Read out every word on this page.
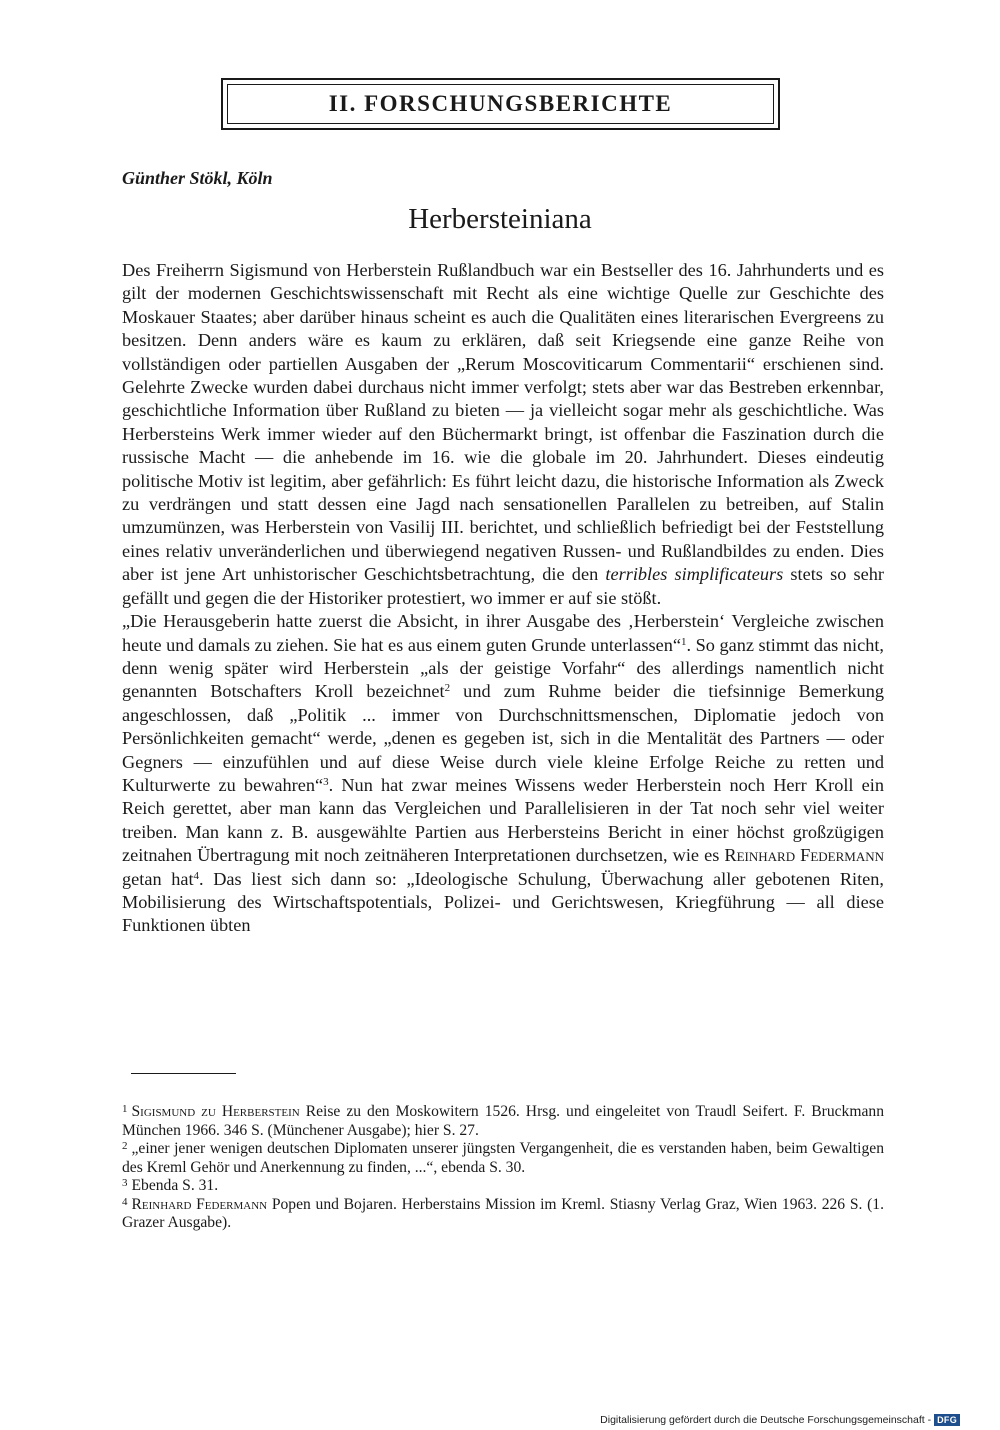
II. FORSCHUNGSBERICHTE
Günther Stökl, Köln
Herbersteiniana

Des Freiherrn Sigismund von Herberstein Rußlandbuch war ein Bestseller des 16. Jahrhunderts und es gilt der modernen Geschichtswissenschaft mit Recht als eine wichtige Quelle zur Geschichte des Moskauer Staates; aber darüber hinaus scheint es auch die Qualitäten eines literarischen Evergreens zu besitzen. Denn anders wäre es kaum zu erklären, daß seit Kriegsende eine ganze Reihe von vollständigen oder partiellen Ausgaben der „Rerum Moscoviticarum Commentarii“ erschienen sind. Gelehrte Zwecke wurden dabei durchaus nicht immer verfolgt; stets aber war das Bestreben erkennbar, geschichtliche Information über Rußland zu bieten — ja vielleicht sogar mehr als geschichtliche. Was Herbersteins Werk immer wieder auf den Büchermarkt bringt, ist offenbar die Faszination durch die russische Macht — die anhebende im 16. wie die globale im 20. Jahrhundert. Dieses eindeutig politische Motiv ist legitim, aber gefährlich: Es führt leicht dazu, die historische Information als Zweck zu verdrängen und statt dessen eine Jagd nach sensationellen Parallelen zu betreiben, auf Stalin umzumünzen, was Herberstein von Vasilij III. berichtet, und schließlich befriedigt bei der Feststellung eines relativ unveränderlichen und überwiegend negativen Russen- und Rußlandbildes zu enden. Dies aber ist jene Art unhistorischer Geschichtsbetrachtung, die den terribles simplificateurs stets so sehr gefällt und gegen die der Historiker protestiert, wo immer er auf sie stößt.

„Die Herausgeberin hatte zuerst die Absicht, in ihrer Ausgabe des ‚Herberstein‘ Vergleiche zwischen heute und damals zu ziehen. Sie hat es aus einem guten Grunde unterlassen“$^1$. So ganz stimmt das nicht, denn wenig später wird Herberstein „als der geistige Vorfahr“ des allerdings namentlich nicht genannten Botschafters Kroll bezeichnet$^2$ und zum Ruhme beider die tiefsinnige Bemerkung angeschlossen, daß „Politik ... immer von Durchschnittsmenschen, Diplomatie jedoch von Persönlichkeiten gemacht“ werde, „denen es gegeben ist, sich in die Mentalität des Partners — oder Gegners — einzufühlen und auf diese Weise durch viele kleine Erfolge Reiche zu retten und Kulturwerte zu bewahren“$^3$. Nun hat zwar meines Wissens weder Herberstein noch Herr Kroll ein Reich gerettet, aber man kann das Vergleichen und Parallelisieren in der Tat noch sehr viel weiter treiben. Man kann z. B. ausgewählte Partien aus Herbersteins Bericht in einer höchst großzügigen zeitnahen Übertragung mit noch zeitnäheren Interpretationen durchsetzen, wie es Reinhard Federmann getan hat$^4$. Das liest sich dann so: „Ideologische Schulung, Überwachung aller gebotenen Riten, Mobilisierung des Wirtschaftspotentials, Polizei- und Gerichtswesen, Kriegführung — all diese Funktionen übten

$^1$ Sigismund zu Herberstein Reise zu den Moskowitern 1526. Hrsg. und eingeleitet von Traudl Seifert. F. Bruckmann München 1966. 346 S. (Münchener Ausgabe); hier S. 27.

$^2$ „einer jener wenigen deutschen Diplomaten unserer jüngsten Vergangenheit, die es verstanden haben, beim Gewaltigen des Kreml Gehör und Anerkennung zu finden, ...“, ebenda S. 30.

$^3$ Ebenda S. 31.

$^4$ Reinhard Federmann Popen und Bojaren. Herberstains Mission im Kreml. Stiasny Verlag Graz, Wien 1963. 226 S. (1. Grazer Ausgabe).

Digitalisierung gefördert durch die Deutsche Forschungsgemeinschaft - DFG
